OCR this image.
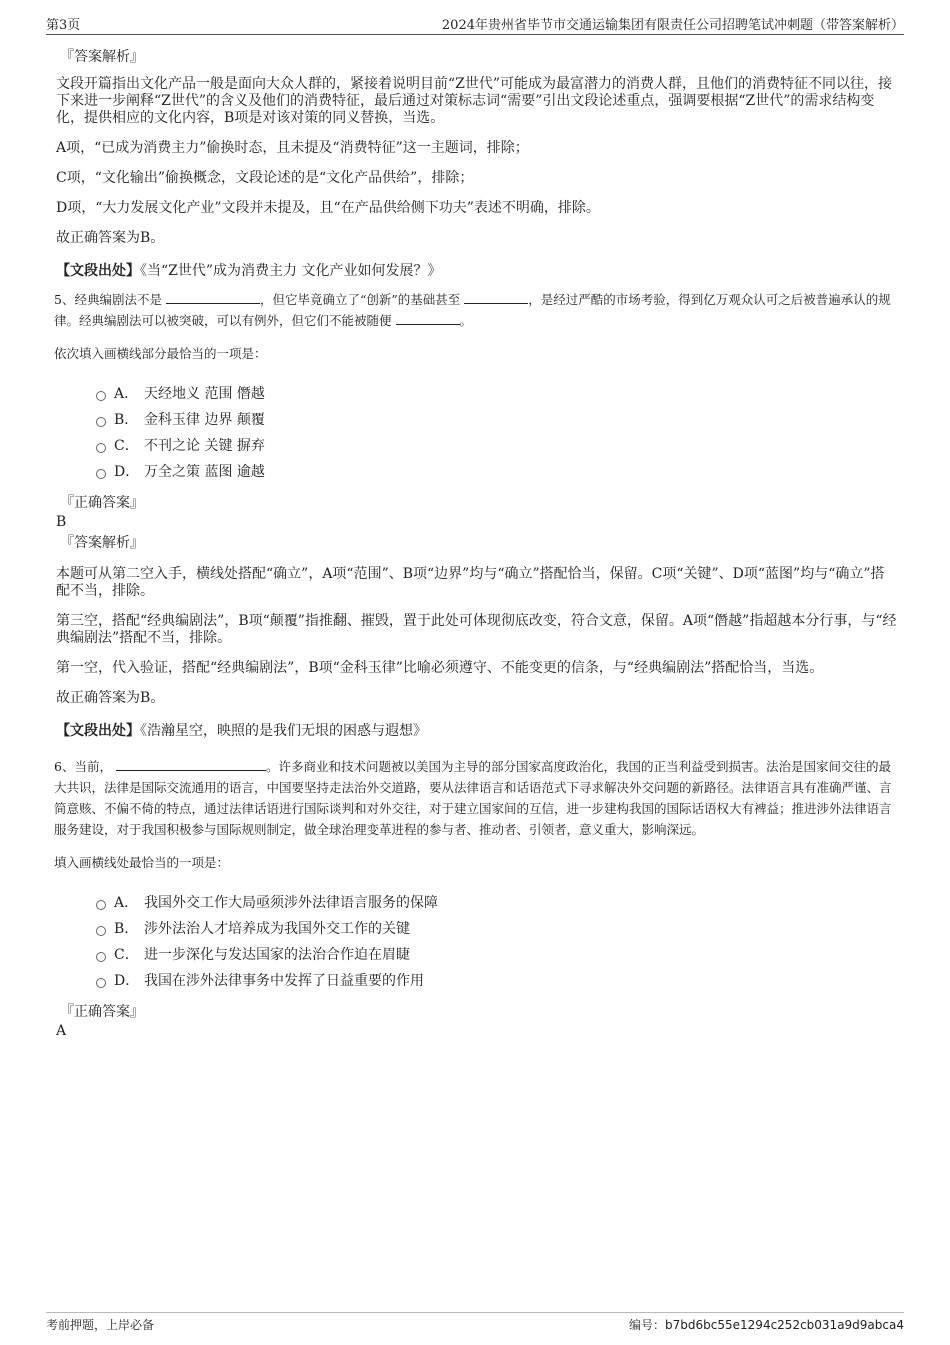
第3页	2024年贵州省毕节市交通运输集团有限责任公司招聘笔试冲刺题（带答案解析）
『答案解析』

文段开篇指出文化产品一般是面向大众人群的，紧接着说明目前“Z世代”可能成为最富潜力的消费人群，且他们的消费特征不同以往，接下来进一步阐释“Z世代”的含义及他们的消费特征，最后通过对策标志词“需要”引出文段论述重点，强调要根据“Z世代”的需求结构变化，提供相应的文化内容，B项是对该对策的同义替换，当选。

A项，“已成为消费主力”偷换时态，且未提及“消费特征”这一主题词，排除；

C项，“文化输出”偷换概念，文段论述的是“文化产品供给”，排除；

D项，“大力发展文化产业”文段并未提及，且“在产品供给侧下功夫”表述不明确，排除。

故正确答案为B。

【文段出处】《当“Z世代”成为消费主力 文化产业如何发展？》

5、经典编剧法不是	，但它毕竟确立了“创新”的基础甚至	，是经过严酷的市场考验，得到亿万观众认可之后被普遍承认的规律。经典编剧法可以被突破，可以有例外，但它们不能被随便	。

依次填入画横线部分最恰当的一项是：

A． 天经地义 范围 僭越
B． 金科玉律 边界 颠覆
C． 不刊之论 关键 摒弃
D． 万全之策 蓝图 逾越
『正确答案』
B
『答案解析』

本题可从第二空入手，横线处搭配“确立”，A项“范围”、B项“边界”均与“确立”搭配恰当，保留。C项“关键”、D项“蓝图”均与“确立”搭配不当，排除。

第三空，搭配“经典编剧法”，B项“颠覆”指推翻、摧毁，置于此处可体现彻底改变，符合文意，保留。A项“僭越”指超越本分行事，与“经典编剧法”搭配不当，排除。

第一空，代入验证，搭配“经典编剧法”，B项“金科玉律”比喻必须遵守、不能变更的信条，与“经典编剧法”搭配恰当，当选。

故正确答案为B。

【文段出处】《浩瀚星空，映照的是我们无垠的困惑与遐想》

6、当前，	。许多商业和技术问题被以美国为主导的部分国家高度政治化，我国的正当利益受到损害。法治是国家间交往的最大共识，法律是国际交流通用的语言，中国要坚持走法治外交道路，要从法律语言和话语范式下寻求解决外交问题的新路径。法律语言具有准确严谨、言简意赅、不偏不倚的特点，通过法律话语进行国际谈判和对外交往，对于建立国家间的互信，进一步建构我国的国际话语权大有裨益；推进涉外法律语言服务建设，对于我国积极参与国际规则制定，做全球治理变革进程的参与者、推动者、引领者，意义重大，影响深远。

填入画横线处最恰当的一项是：

A． 我国外交工作大局亟须涉外法律语言服务的保障
B． 涉外法治人才培养成为我国外交工作的关键
C． 进一步深化与发达国家的法治合作迫在眉睫
D． 我国在涉外法律事务中发挥了日益重要的作用
『正确答案』
A
考前押题，上岸必备	编号：b7bd6bc55e1294c252cb031a9d9abca4
